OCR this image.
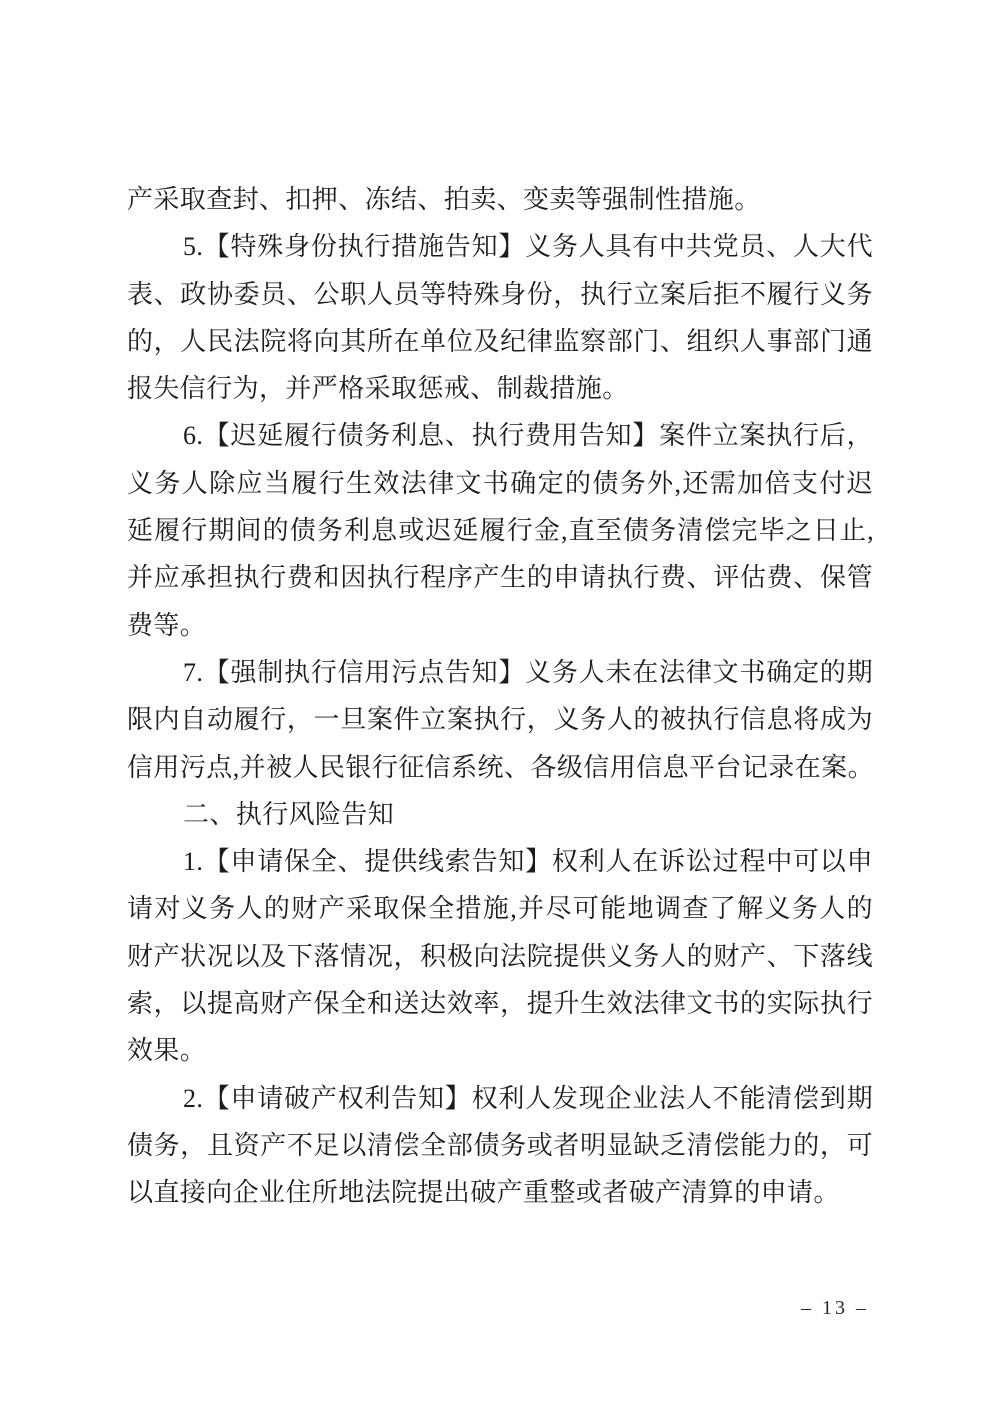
产采取查封、扣押、冻结、拍卖、变卖等强制性措施。
5.【特殊身份执行措施告知】义务人具有中共党员、人大代
表、政协委员、公职人员等特殊身份，执行立案后拒不履行义务
的，人民法院将向其所在单位及纪律监察部门、组织人事部门通
报失信行为，并严格采取惩戒、制裁措施。
6.【迟延履行债务利息、执行费用告知】案件立案执行后，
义务人除应当履行生效法律文书确定的债务外,还需加倍支付迟
延履行期间的债务利息或迟延履行金,直至债务清偿完毕之日止,
并应承担执行费和因执行程序产生的申请执行费、评估费、保管
费等。
7.【强制执行信用污点告知】义务人未在法律文书确定的期
限内自动履行，一旦案件立案执行，义务人的被执行信息将成为
信用污点,并被人民银行征信系统、各级信用信息平台记录在案。
二、执行风险告知
1.【申请保全、提供线索告知】权利人在诉讼过程中可以申
请对义务人的财产采取保全措施,并尽可能地调查了解义务人的
财产状况以及下落情况，积极向法院提供义务人的财产、下落线
索，以提高财产保全和送达效率，提升生效法律文书的实际执行
效果。
2.【申请破产权利告知】权利人发现企业法人不能清偿到期
债务，且资产不足以清偿全部债务或者明显缺乏清偿能力的，可
以直接向企业住所地法院提出破产重整或者破产清算的申请。
– 13 –
